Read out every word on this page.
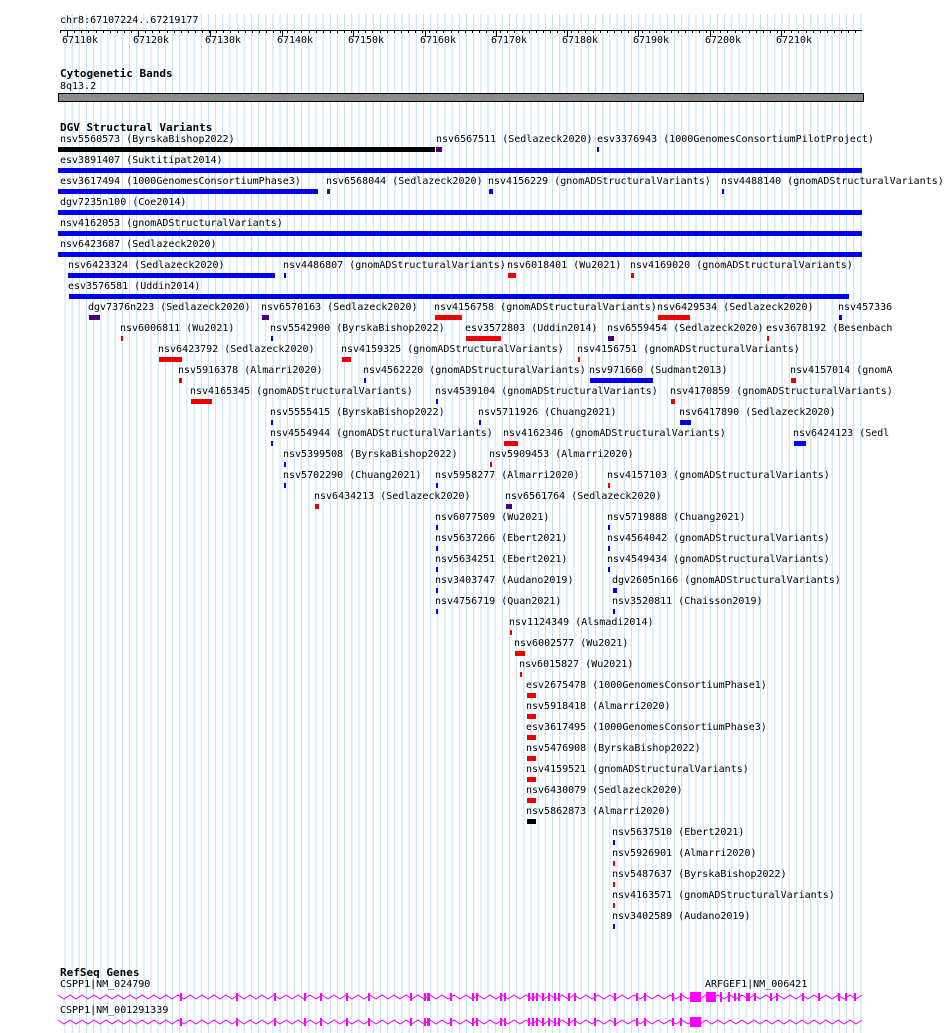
chr8:67107224..67219177
67110k	67120k	67130k	67140k	67150k	67160k	67170k	67180k	67190k	67200k	67210k
Cytogenetic Bands
8q13.2
DGV Structural Variants
nsv5560573 (ByrskaBishop2022)	nsv6567511 (Sedlazeck2020) esv3376943 (1000GenomesConsortiumPilotProject)
esv3891407 (Suktitipat2014)
esv3617494 (1000GenomesConsortiumPhase3)	nsv6568044 (Sedlazeck2020) nsv4156229 (gnomADStructuralVariants) nsv4488140 (gnomADStructuralVariants)
dgv7235n100 (Coe2014)
nsv4162053 (gnomADStructuralVariants)
nsv6423687 (Sedlazeck2020)
nsv6423324 (Sedlazeck2020)	nsv4486807 (gnomADStructuralVariants) nsv6018401 (Wu2021) nsv4169020 (gnomADStructuralVariants)
esv3576581 (Uddin2014)
dgv7376n223 (Sedlazeck2020) nsv6570163 (Sedlazeck2020) nsv4156758 (gnomADStructuralVariants) nsv6429534 (Sedlazeck2020) nsv457336
nsv6006811 (Wu2021)	nsv5542900 (ByrskaBishop2022) esv3572803 (Uddin2014) nsv6559454 (Sedlazeck2020) esv3678192 (Besenbach
nsv6423792 (Sedlazeck2020)	nsv4159325 (gnomADStructuralVariants) nsv4156751 (gnomADStructuralVariants)
nsv5916378 (Almarri2020)	nsv4562220 (gnomADStructuralVariants) nsv971660 (Sudmant2013)	nsv4157014 (gnomA
nsv4165345 (gnomADStructuralVariants) nsv4539104 (gnomADStructuralVariants) nsv4170859 (gnomADStructuralVariants)
nsv5555415 (ByrskaBishop2022)	nsv5711926 (Chuang2021)	nsv6417890 (Sedlazeck2020)
nsv4554944 (gnomADStructuralVariants) nsv4162346 (gnomADStructuralVariants)	nsv6424123 (Sedl
nsv5399508 (ByrskaBishop2022)	nsv5909453 (Almarri2020)
nsv5702290 (Chuang2021) nsv5958277 (Almarri2020)	nsv4157103 (gnomADStructuralVariants)
nsv6434213 (Sedlazeck2020)	nsv6561764 (Sedlazeck2020)
nsv6077509 (Wu2021)	nsv5719888 (Chuang2021)
nsv5637266 (Ebert2021)	nsv4564042 (gnomADStructuralVariants)
nsv5634251 (Ebert2021)	nsv4549434 (gnomADStructuralVariants)
nsv3403747 (Audano2019)	dgv2605n166 (gnomADStructuralVariants)
nsv4756719 (Quan2021)	nsv3520811 (Chaisson2019)
nsv1124349 (Alsmadi2014)
nsv6002577 (Wu2021)
nsv6015827 (Wu2021)
esv2675478 (1000GenomesConsortiumPhase1)
nsv5918418 (Almarri2020)
esv3617495 (1000GenomesConsortiumPhase3)
nsv5476908 (ByrskaBishop2022)
nsv4159521 (gnomADStructuralVariants)
nsv6430079 (Sedlazeck2020)
nsv5862873 (Almarri2020)
nsv5637510 (Ebert2021)
nsv5926901 (Almarri2020)
nsv5487637 (ByrskaBishop2022)
nsv4163571 (gnomADStructuralVariants)
nsv3402589 (Audano2019)
RefSeq Genes
CSPP1|NM_024790	ARFGEF1|NM_006421
CSPP1|NM_001291339
